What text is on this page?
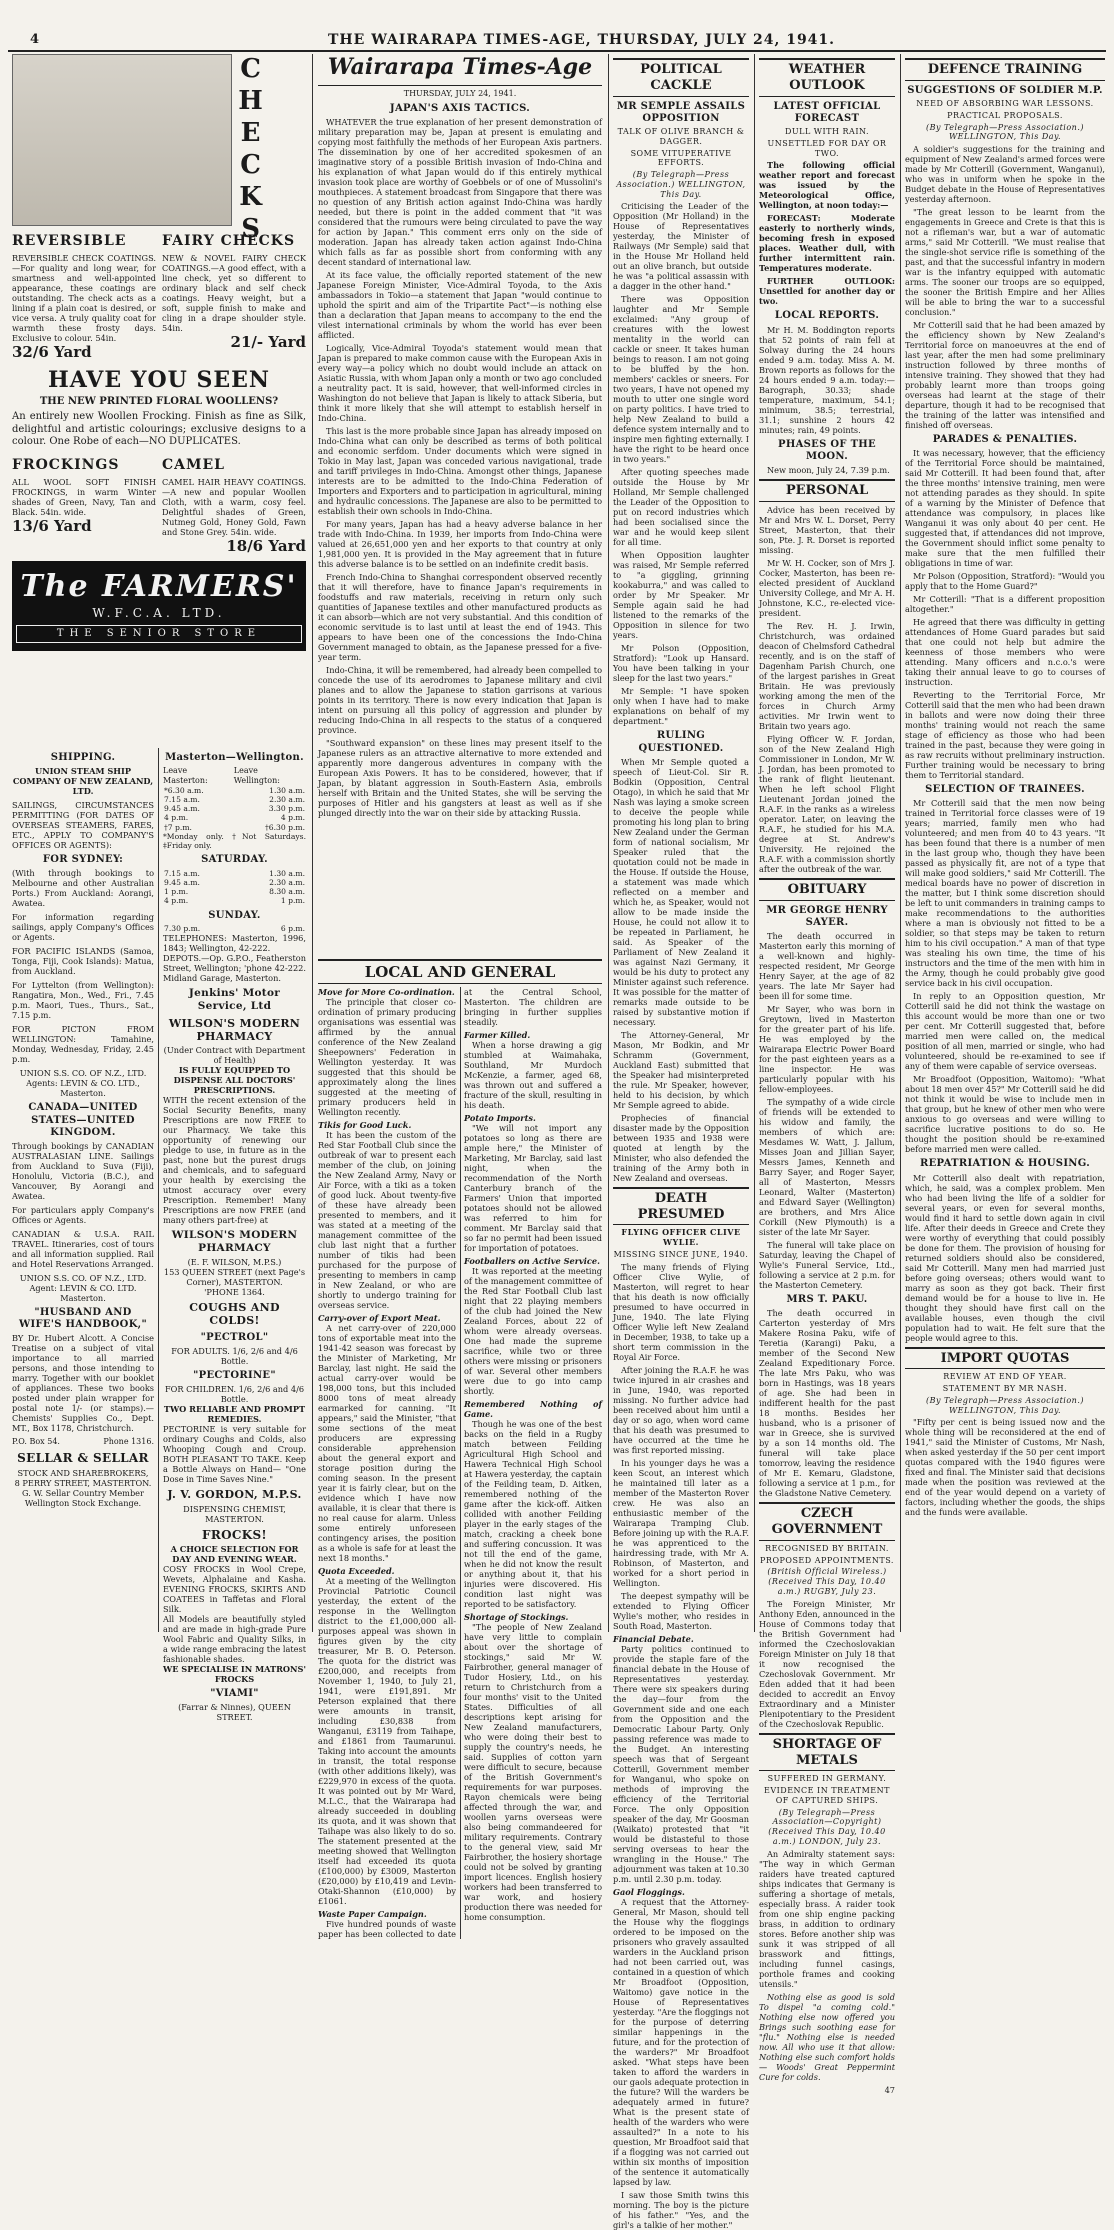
4	THE WAIRARAPA TIMES-AGE, THURSDAY, JULY 24, 1941.
CHECKS
REVERSIBLE
REVERSIBLE CHECK COATINGS.—For quality and long wear, for smartness and well-appointed appearance, these coatings are outstanding. The check acts as a lining if a plain coat is desired, or vice versa. A truly quality coat for warmth these frosty days. Exclusive to colour. 54in.
32/6 Yard
FAIRY CHECKS
NEW & NOVEL FAIRY CHECK COATINGS.—A good effect, with a line check, yet so different to ordinary black and self check coatings. Heavy weight, but a soft, supple finish to make and cling in a drape shoulder style. 54in.
21/- Yard
HAVE YOU SEEN
THE NEW PRINTED FLORAL WOOLLENS?
An entirely new Woollen Frocking. Finish as fine as Silk, delightful and artistic colourings; exclusive designs to a colour. One Robe of each—NO DUPLICATES.
FROCKINGS
ALL WOOL SOFT FINISH FROCKINGS, in warm Winter shades of Green, Navy, Tan and Black. 54in. wide.
13/6 Yard
CAMEL
CAMEL HAIR HEAVY COATINGS.—A new and popular Woollen Cloth, with a warm, cosy feel. Delightful shades of Green, Nutmeg Gold, Honey Gold, Fawn and Stone Grey. 54in. wide.
18/6 Yard
The FARMERS'
W.F.C.A. LTD.
THE SENIOR STORE
SHIPPING.
UNION STEAM SHIP COMPANY OF NEW ZEALAND, LTD.
SAILINGS, CIRCUMSTANCES PERMITTING (FOR DATES OF OVERSEAS STEAMERS, FARES, ETC., APPLY TO COMPANY'S OFFICES OR AGENTS):
FOR SYDNEY:
(With through bookings to Melbourne and other Australian Ports.) From Auckland: Aorangi, Awatea.
For information regarding sailings, apply Company's Offices or Agents.
FOR PACIFIC ISLANDS (Samoa, Tonga, Fiji, Cook Islands): Matua, from Auckland.
For Lyttelton (from Wellington): Rangatira, Mon., Wed., Fri., 7.45 p.m. Maori, Tues., Thurs., Sat., 7.15 p.m.
FOR PICTON FROM WELLINGTON: Tamahine, Monday, Wednesday, Friday, 2.45 p.m.
UNION S.S. CO. OF N.Z., LTD. Agents: LEVIN & CO. LTD., Masterton.
CANADA—UNITED STATES—UNITED KINGDOM.
Through bookings by CANADIAN AUSTRALASIAN LINE. Sailings from Auckland to Suva (Fiji), Honolulu, Victoria (B.C.), and Vancouver, By Aorangi and Awatea.
For particulars apply Company's Offices or Agents.
CANADIAN & U.S.A. RAIL TRAVEL. Itineraries, cost of tours and all information supplied. Rail and Hotel Reservations Arranged.
UNION S.S. CO. OF N.Z., LTD. Agent: LEVIN & CO. LTD. Masterton.
"HUSBAND AND WIFE'S HANDBOOK,"
BY Dr. Hubert Alcott. A Concise Treatise on a subject of vital importance to all married persons, and those intending to marry. Together with our booklet of appliances. These two books posted under plain wrapper for postal note 1/- (or stamps).—Chemists' Supplies Co., Dept. MT., Box 1178, Christchurch.
P.O. Box 54.	Phone 1316.
SELLAR & SELLAR
STOCK AND SHAREBROKERS,
8 PERRY STREET, MASTERTON.
G. W. Sellar Country Member Wellington Stock Exchange.
Masterton—Wellington.
Leave Masterton:
Leave Wellington:
*6.30 a.m.	1.30 a.m.
7.15 a.m.	2.30 a.m.
9.45 a.m.	3.30 p.m.
4 p.m.	4 p.m.
†7 p.m.	†6.30 p.m.
*Monday only. †Not Saturdays. ‡Friday only.
SATURDAY.
7.15 a.m.	1.30 a.m.
9.45 a.m.	2.30 a.m.
1 p.m.	8.30 a.m.
4 p.m.	1 p.m.
SUNDAY.
7.30 p.m.	6 p.m.
TELEPHONES: Masterton, 1996, 1843; Wellington, 42-222.
DEPOTS.—Op. G.P.O., Featherston Street, Wellington; 'phone 42-222. Midland Garage, Masterton.
Jenkins' Motor Service, Ltd
WILSON'S MODERN PHARMACY
(Under Contract with Department of Health)
IS FULLY EQUIPPED TO DISPENSE ALL DOCTORS' PRESCRIPTIONS.
WITH the recent extension of the Social Security Benefits, many Prescriptions are now FREE to our Pharmacy. We take this opportunity of renewing our pledge to use, in future as in the past, none but the purest drugs and chemicals, and to safeguard your health by exercising the utmost accuracy over every Prescription. Remember! Many Prescriptions are now FREE (and many others part-free) at
WILSON'S MODERN PHARMACY
(E. F. WILSON, M.P.S.)
153 QUEEN STREET (next Page's Corner), MASTERTON.
'PHONE 1364.
COUGHS AND COLDS!
"PECTROL"
FOR ADULTS. 1/6, 2/6 and 4/6 Bottle.
"PECTORINE"
FOR CHILDREN. 1/6, 2/6 and 4/6 Bottle.
TWO RELIABLE AND PROMPT REMEDIES.
PECTORINE is very suitable for ordinary Coughs and Colds, also Whooping Cough and Croup. BOTH PLEASANT TO TAKE. Keep a Bottle Always on Hand— "One Dose in Time Saves Nine."
J. V. GORDON, M.P.S.
DISPENSING CHEMIST, MASTERTON.
FROCKS!
A CHOICE SELECTION FOR DAY AND EVENING WEAR.
COSY FROCKS in Wool Crepe, Wevets, Alphalaine and Kasha. EVENING FROCKS, SKIRTS AND COATEES in Taffetas and Floral Silk.
All Models are beautifully styled and are made in high-grade Pure Wool Fabric and Quality Silks, in a wide range embracing the latest fashionable shades.
WE SPECIALISE IN MATRONS' FROCKS
"VIAMI"
(Farrar & Ninnes), QUEEN STREET.
Wairarapa Times-Age
THURSDAY, JULY 24, 1941.
JAPAN'S AXIS TACTICS.
WHATEVER the true explanation of her present demonstration of military preparation may be, Japan at present is emulating and copying most faithfully the methods of her European Axis partners. The dissemination by one of her accredited spokesmen of an imaginative story of a possible British invasion of Indo-China and his explanation of what Japan would do if this entirely mythical invasion took place are worthy of Goebbels or of one of Mussolini's mouthpieces. A statement broadcast from Singapore that there was no question of any British action against Indo-China was hardly needed, but there is point in the added comment that "it was considered that the rumours were being circulated to pave the way for action by Japan." This comment errs only on the side of moderation. Japan has already taken action against Indo-China which falls as far as possible short from conforming with any decent standard of international law.
At its face value, the officially reported statement of the new Japanese Foreign Minister, Vice-Admiral Toyoda, to the Axis ambassadors in Tokio—a statement that Japan "would continue to uphold the spirit and aim of the Tripartite Pact"—is nothing else than a declaration that Japan means to accompany to the end the vilest international criminals by whom the world has ever been afflicted.
Logically, Vice-Admiral Toyoda's statement would mean that Japan is prepared to make common cause with the European Axis in every way—a policy which no doubt would include an attack on Asiatic Russia, with whom Japan only a month or two ago concluded a neutrality pact. It is said, however, that well-informed circles in Washington do not believe that Japan is likely to attack Siberia, but think it more likely that she will attempt to establish herself in Indo-China.
This last is the more probable since Japan has already imposed on Indo-China what can only be described as terms of both political and economic serfdom. Under documents which were signed in Tokio in May last, Japan was conceded various navigational, trade and tariff privileges in Indo-China. Amongst other things, Japanese interests are to be admitted to the Indo-China Federation of Importers and Exporters and to participation in agricultural, mining and hydraulic concessions. The Japanese are also to be permitted to establish their own schools in Indo-China.
For many years, Japan has had a heavy adverse balance in her trade with Indo-China. In 1939, her imports from Indo-China were valued at 26,651,000 yen and her exports to that country at only 1,981,000 yen. It is provided in the May agreement that in future this adverse balance is to be settled on an indefinite credit basis.
French Indo-China to Shanghai correspondent observed recently that it will therefore, have to finance Japan's requirements in foodstuffs and raw materials, receiving in return only such quantities of Japanese textiles and other manufactured products as it can absorb—which are not very substantial. And this condition of economic servitude is to last until at least the end of 1943. This appears to have been one of the concessions the Indo-China Government managed to obtain, as the Japanese pressed for a five-year term.
Indo-China, it will be remembered, had already been compelled to concede the use of its aerodromes to Japanese military and civil planes and to allow the Japanese to station garrisons at various points in its territory. There is now every indication that Japan is intent on pursuing all this policy of aggression and plunder by reducing Indo-China in all respects to the status of a conquered province.
"Southward expansion" on these lines may present itself to the Japanese rulers as an attractive alternative to more extended and apparently more dangerous adventures in company with the European Axis Powers. It has to be considered, however, that if Japan, by blatant aggression in South-Eastern Asia, embroils herself with Britain and the United States, she will be serving the purposes of Hitler and his gangsters at least as well as if she plunged directly into the war on their side by attacking Russia.
LOCAL AND GENERAL
Move for More Co-ordination.
The principle that closer co-ordination of primary producing organisations was essential was affirmed by the annual conference of the New Zealand Sheepowners' Federation in Wellington yesterday. It was suggested that this should be approximately along the lines suggested at the meeting of primary producers held in Wellington recently.
Tikis for Good Luck.
It has been the custom of the Red Star Football Club since the outbreak of war to present each member of the club, on joining the New Zealand Army, Navy or Air Force, with a tiki as a token of good luck. About twenty-five of these have already been presented to members, and it was stated at a meeting of the management committee of the club last night that a further number of tikis had been purchased for the purpose of presenting to members in camp in New Zealand, or who are shortly to undergo training for overseas service.
Carry-over of Export Meat.
A net carry-over of 220,000 tons of exportable meat into the 1941-42 season was forecast by the Minister of Marketing, Mr Barclay, last night. He said the actual carry-over would be 198,000 tons, but this included 8000 tons of meat already earmarked for canning. "It appears," said the Minister, "that some sections of the meat producers are expressing considerable apprehension about the general export and storage position during the coming season. In the present year it is fairly clear, but on the evidence which I have now available, it is clear that there is no real cause for alarm. Unless some entirely unforeseen contingency arises, the position as a whole is safe for at least the next 18 months."
Quota Exceeded.
At a meeting of the Wellington Provincial Patriotic Council yesterday, the extent of the response in the Wellington district to the £1,000,000 all-purposes appeal was shown in figures given by the city treasurer, Mr B. O. Peterson. The quota for the district was £200,000, and receipts from November 1, 1940, to July 21, 1941, were £191,891. Mr Peterson explained that there were amounts in transit, including £30,838 from Wanganui, £3119 from Taihape, and £1861 from Taumarunui. Taking into account the amounts in transit, the total response (with other additions likely), was £229,970 in excess of the quota. It was pointed out by Mr Ward, M.L.C., that the Wairarapa had already succeeded in doubling its quota, and it was shown that Taihape was also likely to do so. The statement presented at the meeting showed that Wellington itself had exceeded its quota (£100,000) by £3009, Masterton (£20,000) by £10,419 and Levin-Otaki-Shannon (£10,000) by £1061.
Waste Paper Campaign.
Five hundred pounds of waste paper has been collected to date at the Central School, Masterton. The children are bringing in further supplies steadily.
Farmer Killed.
When a horse drawing a gig stumbled at Waimahaka, Southland, Mr Murdoch McKenzie, a farmer, aged 68, was thrown out and suffered a fracture of the skull, resulting in his death.
Potato Imports.
"We will not import any potatoes so long as there are ample here," the Minister of Marketing, Mr Barclay, said last night, when the recommendation of the North Canterbury branch of the Farmers' Union that imported potatoes should not be allowed was referred to him for comment. Mr Barclay said that so far no permit had been issued for importation of potatoes.
Footballers on Active Service.
It was reported at the meeting of the management committee of the Red Star Football Club last night that 22 playing members of the club had joined the New Zealand Forces, about 22 of whom were already overseas. One had made the supreme sacrifice, while two or three others were missing or prisoners of war. Several other members were due to go into camp shortly.
Remembered Nothing of Game.
Though he was one of the best backs on the field in a Rugby match between Feilding Agricultural High School and Hawera Technical High School at Hawera yesterday, the captain of the Feilding team, D. Aitken, remembered nothing of the game after the kick-off. Aitken collided with another Feilding player in the early stages of the match, cracking a cheek bone and suffering concussion. It was not till the end of the game, when he did not know the result or anything about it, that his injuries were discovered. His condition last night was reported to be satisfactory.
Shortage of Stockings.
"The people of New Zealand have very little to complain about over the shortage of stockings," said Mr W. Fairbrother, general manager of Tudor Hosiery, Ltd., on his return to Christchurch from a four months' visit to the United States. Difficulties of all descriptions kept arising for New Zealand manufacturers, who were doing their best to supply the country's needs, he said. Supplies of cotton yarn were difficult to secure, because of the British Government's requirements for war purposes. Rayon chemicals were being affected through the war, and woollen yarns overseas were also being commandeered for military requirements. Contrary to the general view, said Mr Fairbrother, the hosiery shortage could not be solved by granting import licences. English hosiery workers had been transferred to war work, and hosiery production there was needed for home consumption.
POLITICAL CACKLE
MR SEMPLE ASSAILS OPPOSITION
TALK OF OLIVE BRANCH & DAGGER.
SOME VITUPERATIVE EFFORTS.
(By Telegraph—Press Association.) WELLINGTON, This Day.
Criticising the Leader of the Opposition (Mr Holland) in the House of Representatives yesterday, the Minister of Railways (Mr Semple) said that in the House Mr Holland held out an olive branch, but outside he was "a political assassin with a dagger in the other hand."
There was Opposition laughter and Mr Semple exclaimed: "Any group of creatures with the lowest mentality in the world can cackle or sneer. It takes human beings to reason. I am not going to be bluffed by the hon. members' cackles or sneers. For two years, I have not opened my mouth to utter one single word on party politics. I have tried to help New Zealand to build a defence system internally and to inspire men fighting externally. I have the right to be heard once in two years."
After quoting speeches made outside the House by Mr Holland, Mr Semple challenged the Leader of the Opposition to put on record industries which had been socialised since the war and he would keep silent for all time.
When Opposition laughter was raised, Mr Semple referred to "a giggling, grinning kookaburra," and was called to order by Mr Speaker. Mr Semple again said he had listened to the remarks of the Opposition in silence for two years.
Mr Polson (Opposition, Stratford): "Look up Hansard. You have been talking in your sleep for the last two years."
Mr Semple: "I have spoken only when I have had to make explanations on behalf of my department."
RULING QUESTIONED.
When Mr Semple quoted a speech of Lieut-Col. Sir R. Bodkin (Opposition, Central Otago), in which he said that Mr Nash was laying a smoke screen to deceive the people while promoting his long plan to bring New Zealand under the German form of national socialism, Mr Speaker ruled that the quotation could not be made in the House. If outside the House, a statement was made which reflected on a member and which he, as Speaker, would not allow to be made inside the House, he could not allow it to be repeated in Parliament, he said. As Speaker of the Parliament of New Zealand it was against Nazi Germany, it would be his duty to protect any Minister against such reference. It was possible for the matter of remarks made outside to be raised by substantive motion if necessary.
The Attorney-General, Mr Mason, Mr Bodkin, and Mr Schramm (Government, Auckland East) submitted that the Speaker had misinterpreted the rule. Mr Speaker, however, held to his decision, by which Mr Semple agreed to abide.
Prophecies of financial disaster made by the Opposition between 1935 and 1938 were quoted at length by the Minister, who also defended the training of the Army both in New Zealand and overseas.
DEATH PRESUMED
FLYING OFFICER CLIVE WYLIE.
MISSING SINCE JUNE, 1940.
The many friends of Flying Officer Clive Wylie, of Masterton, will regret to hear that his death is now officially presumed to have occurred in June, 1940. The late Flying Officer Wylie left New Zealand in December, 1938, to take up a short term commission in the Royal Air Force.
After joining the R.A.F. he was twice injured in air crashes and in June, 1940, was reported missing. No further advice had been received about him until a day or so ago, when word came that his death was presumed to have occurred at the time he was first reported missing.
In his younger days he was a keen Scout, an interest which he maintained till later as a member of the Masterton Rover crew. He was also an enthusiastic member of the Wairarapa Tramping Club. Before joining up with the R.A.F. he was apprenticed to the hairdressing trade, with Mr A. Robinson, of Masterton, and worked for a short period in Wellington.
The deepest sympathy will be extended to Flying Officer Wylie's mother, who resides in South Road, Masterton.
Financial Debate.
Party politics continued to provide the staple fare of the financial debate in the House of Representatives yesterday. There were six speakers during the day—four from the Government side and one each from the Opposition and the Democratic Labour Party. Only passing reference was made to the Budget. An interesting speech was that of Sergeant Cotterill, Government member for Wanganui, who spoke on methods of improving the efficiency of the Territorial Force. The only Opposition speaker of the day, Mr Goosman (Waikato) protested that "it would be distasteful to those serving overseas to hear the wrangling in the House." The adjournment was taken at 10.30 p.m. until 2.30 p.m. today.
Gaol Floggings.
A request that the Attorney-General, Mr Mason, should tell the House why the floggings ordered to be imposed on the prisoners who gravely assaulted warders in the Auckland prison had not been carried out, was contained in a question of which Mr Broadfoot (Opposition, Waitomo) gave notice in the House of Representatives yesterday. "Are the floggings not for the purpose of deterring similar happenings in the future, and for the protection of the warders?" Mr Broadfoot asked. "What steps have been taken to afford the warders in our gaols adequate protection in the future? Will the warders be adequately armed in future? What is the present state of health of the warders who were assaulted?" In a note to his question, Mr Broadfoot said that if a flogging was not carried out within six months of imposition of the sentence it automatically lapsed by law.
I saw those Smith twins this morning. The boy is the picture of his father." "Yes, and the girl's a talkie of her mother."
WEATHER OUTLOOK
LATEST OFFICIAL FORECAST
DULL WITH RAIN.
UNSETTLED FOR DAY OR TWO.
The following official weather report and forecast was issued by the Meteorological Office, Wellington, at noon today:—
FORECAST: Moderate easterly to northerly winds, becoming fresh in exposed places. Weather dull, with further intermittent rain. Temperatures moderate.
FURTHER OUTLOOK: Unsettled for another day or two.
LOCAL REPORTS.
Mr H. M. Boddington reports that 52 points of rain fell at Solway during the 24 hours ended 9 a.m. today. Miss A. M. Brown reports as follows for the 24 hours ended 9 a.m. today:—Barograph, 30.33; shade temperature, maximum, 54.1; minimum, 38.5; terrestrial, 31.1; sunshine 2 hours 42 minutes; rain, 49 points.
PHASES OF THE MOON.
New moon, July 24, 7.39 p.m.
PERSONAL
Advice has been received by Mr and Mrs W. L. Dorset, Perry Street, Masterton, that their son, Pte. J. R. Dorset is reported missing.
Mr W. H. Cocker, son of Mrs J. Cocker, Masterton, has been re-elected president of Auckland University College, and Mr A. H. Johnstone, K.C., re-elected vice-president.
The Rev. H. J. Irwin, Christchurch, was ordained deacon of Chelmsford Cathedral recently, and is on the staff of Dagenham Parish Church, one of the largest parishes in Great Britain. He was previously working among the men of the forces in Church Army activities. Mr Irwin went to Britain two years ago.
Flying Officer W. F. Jordan, son of the New Zealand High Commissioner in London, Mr W. J. Jordan, has been promoted to the rank of flight lieutenant. When he left school Flight Lieutenant Jordan joined the R.A.F. in the ranks as a wireless operator. Later, on leaving the R.A.F., he studied for his M.A. degree at St. Andrew's University. He rejoined the R.A.F. with a commission shortly after the outbreak of the war.
OBITUARY
MR GEORGE HENRY SAYER.
The death occurred in Masterton early this morning of a well-known and highly-respected resident, Mr George Henry Sayer, at the age of 82 years. The late Mr Sayer had been ill for some time.
Mr Sayer, who was born in Greytown, lived in Masterton for the greater part of his life. He was employed by the Wairarapa Electric Power Board for the past eighteen years as a line inspector. He was particularly popular with his fellow-employees.
The sympathy of a wide circle of friends will be extended to his widow and family, the members of which are: Mesdames W. Watt, J. Jallum, Misses Joan and Jillian Sayer, Messrs James, Kenneth and Barry Sayer, and Roger Sayer, all of Masterton, Messrs Leonard, Walter (Masterton) and Edward Sayer (Wellington) are brothers, and Mrs Alice Corkill (New Plymouth) is a sister of the late Mr Sayer.
The funeral will take place on Saturday, leaving the Chapel of Wylie's Funeral Service, Ltd., following a service at 2 p.m. for the Masterton Cemetery.
MRS T. PAKU.
The death occurred in Carterton yesterday of Mrs Makere Rosina Paku, wife of Teretia (Karangi) Paku, a member of the Second New Zealand Expeditionary Force. The late Mrs Paku, who was born in Hastings, was 18 years of age. She had been in indifferent health for the past 18 months. Besides her husband, who is a prisoner of war in Greece, she is survived by a son 14 months old. The funeral will take place tomorrow, leaving the residence of Mr E. Kemaru, Gladstone, following a service at 1 p.m., for the Gladstone Native Cemetery.
CZECH GOVERNMENT
RECOGNISED BY BRITAIN.
PROPOSED APPOINTMENTS.
(British Official Wireless.) (Received This Day, 10.40 a.m.) RUGBY, July 23.
The Foreign Minister, Mr Anthony Eden, announced in the House of Commons today that the British Government had informed the Czechoslovakian Foreign Minister on July 18 that it now recognised the Czechoslovak Government. Mr Eden added that it had been decided to accredit an Envoy Extraordinary and a Minister Plenipotentiary to the President of the Czechoslovak Republic.
SHORTAGE OF METALS
SUFFERED IN GERMANY.
EVIDENCE IN TREATMENT OF CAPTURED SHIPS.
(By Telegraph—Press Association—Copyright) (Received This Day, 10.40 a.m.) LONDON, July 23.
An Admiralty statement says: "The way in which German raiders have treated captured ships indicates that Germany is suffering a shortage of metals, especially brass. A raider took from one ship engine packing brass, in addition to ordinary stores. Before another ship was sunk it was stripped of all brasswork and fittings, including funnel casings, porthole frames and cooking utensils."
Nothing else as good is sold To dispel "a coming cold." Nothing else now offered you Brings such soothing ease for "flu." Nothing else is needed now. All who use it that allow: Nothing else such comfort holds— Woods' Great Peppermint Cure for colds.
47
DEFENCE TRAINING
SUGGESTIONS OF SOLDIER M.P.
NEED OF ABSORBING WAR LESSONS.
PRACTICAL PROPOSALS.
(By Telegraph—Press Association.) WELLINGTON, This Day.
A soldier's suggestions for the training and equipment of New Zealand's armed forces were made by Mr Cotterill (Government, Wanganui), who was in uniform when he spoke in the Budget debate in the House of Representatives yesterday afternoon.
"The great lesson to be learnt from the engagements in Greece and Crete is that this is not a rifleman's war, but a war of automatic arms," said Mr Cotterill. "We must realise that the single-shot service rifle is something of the past, and that the successful infantry in modern war is the infantry equipped with automatic arms. The sooner our troops are so equipped, the sooner the British Empire and her Allies will be able to bring the war to a successful conclusion."
Mr Cotterill said that he had been amazed by the efficiency shown by New Zealand's Territorial force on manoeuvres at the end of last year, after the men had some preliminary instruction followed by three months of intensive training. They showed that they had probably learnt more than troops going overseas had learnt at the stage of their departure, though it had to be recognised that the training of the latter was intensified and finished off overseas.
PARADES & PENALTIES.
It was necessary, however, that the efficiency of the Territorial Force should be maintained, said Mr Cotterill. It had been found that, after the three months' intensive training, men were not attending parades as they should. In spite of a warning by the Minister of Defence that attendance was compulsory, in places like Wanganui it was only about 40 per cent. He suggested that, if attendances did not improve, the Government should inflict some penalty to make sure that the men fulfilled their obligations in time of war.
Mr Polson (Opposition, Stratford): "Would you apply that to the Home Guard?"
Mr Cotterill: "That is a different proposition altogether."
He agreed that there was difficulty in getting attendances of Home Guard parades but said that one could not help but admire the keenness of those members who were attending. Many officers and n.c.o.'s were taking their annual leave to go to courses of instruction.
Reverting to the Territorial Force, Mr Cotterill said that the men who had been drawn in ballots and were now doing their three months' training would not reach the same stage of efficiency as those who had been trained in the past, because they were going in as raw recruits without preliminary instruction. Further training would be necessary to bring them to Territorial standard.
SELECTION OF TRAINEES.
Mr Cotterill said that the men now being trained in Territorial force classes were of 19 years; married, family men who had volunteered; and men from 40 to 43 years. "It has been found that there is a number of men in the last group who, though they have been passed as physically fit, are not of a type that will make good soldiers," said Mr Cotterill. The medical boards have no power of discretion in the matter, but I think some discretion should be left to unit commanders in training camps to make recommendations to the authorities where a man is obviously not fitted to be a soldier, so that steps may be taken to return him to his civil occupation." A man of that type was stealing his own time, the time of his instructors and the time of the men with him in the Army, though he could probably give good service back in his civil occupation.
In reply to an Opposition question, Mr Cotterill said he did not think the wastage on this account would be more than one or two per cent. Mr Cotterill suggested that, before married men were called on, the medical position of all men, married or single, who had volunteered, should be re-examined to see if any of them were capable of service overseas.
Mr Broadfoot (Opposition, Waitomo): "What about 18 men over 45?" Mr Cotterill said he did not think it would be wise to include men in that group, but he knew of other men who were anxious to go overseas and were willing to sacrifice lucrative positions to do so. He thought the position should be re-examined before married men were called.
REPATRIATION & HOUSING.
Mr Cotterill also dealt with repatriation, which, he said, was a complex problem. Men who had been living the life of a soldier for several years, or even for several months, would find it hard to settle down again in civil life. After their deeds in Greece and Crete they were worthy of everything that could possibly be done for them. The provision of housing for returned soldiers should also be considered, said Mr Cotterill. Many men had married just before going overseas; others would want to marry as soon as they got back. Their first demand would be for a house to live in. He thought they should have first call on the available houses, even though the civil population had to wait. He felt sure that the people would agree to this.
IMPORT QUOTAS
REVIEW AT END OF YEAR.
STATEMENT BY MR NASH.
(By Telegraph—Press Association.) WELLINGTON, This Day.
"Fifty per cent is being issued now and the whole thing will be reconsidered at the end of 1941," said the Minister of Customs, Mr Nash, when asked yesterday if the 50 per cent import quotas compared with the 1940 figures were fixed and final. The Minister said that decisions made when the position was reviewed at the end of the year would depend on a variety of factors, including whether the goods, the ships and the funds were available.
